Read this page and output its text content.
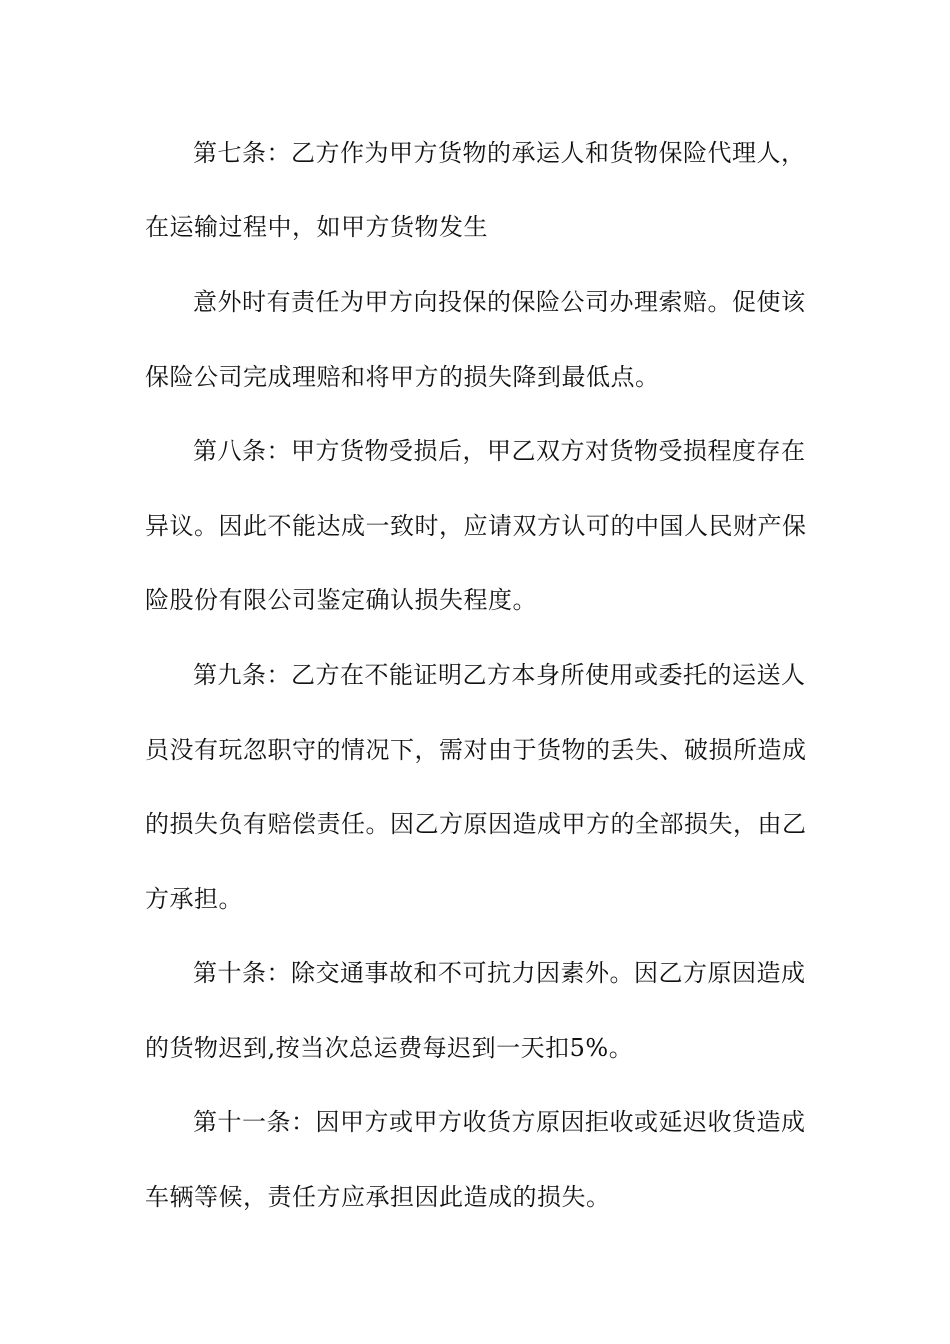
第七条：乙方作为甲方货物的承运人和货物保险代理人，
在运输过程中，如甲方货物发生
意外时有责任为甲方向投保的保险公司办理索赔。促使该
保险公司完成理赔和将甲方的损失降到最低点。
第八条：甲方货物受损后，甲乙双方对货物受损程度存在
异议。因此不能达成一致时，应请双方认可的中国人民财产保
险股份有限公司鉴定确认损失程度。
第九条：乙方在不能证明乙方本身所使用或委托的运送人
员没有玩忽职守的情况下，需对由于货物的丢失、破损所造成
的损失负有赔偿责任。因乙方原因造成甲方的全部损失，由乙
方承担。
第十条：除交通事故和不可抗力因素外。因乙方原因造成
的货物迟到,按当次总运费每迟到一天扣5%。
第十一条：因甲方或甲方收货方原因拒收或延迟收货造成
车辆等候，责任方应承担因此造成的损失。
